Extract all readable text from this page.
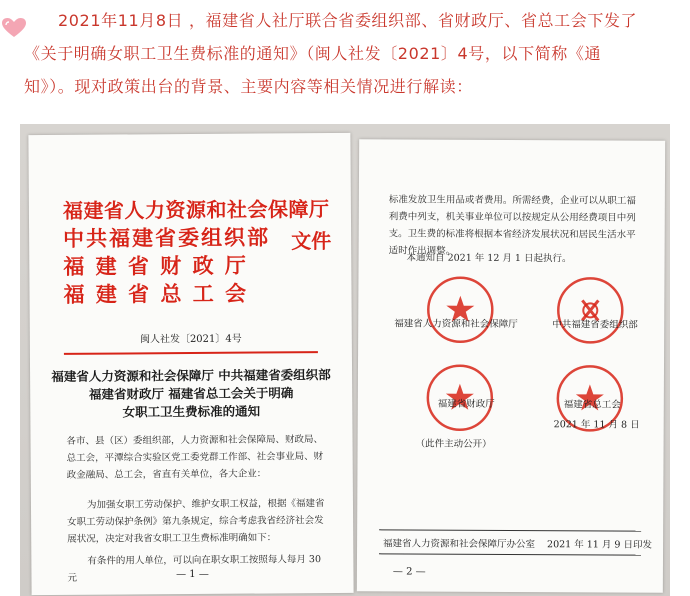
2021年11月8日 ，福建省人社厅联合省委组织部、省财政厅、省总工会下发了
《关于明确女职工卫生费标准的通知》（闽人社发〔2021〕4号，以下简称《通
知》）。现对政策出台的背景、主要内容等相关情况进行解读：
福建省人力资源和社会保障厅
中共福建省委组织部
福 建 省 财 政 厅
福 建 省 总 工 会
文件
闽人社发〔2021〕4号
福建省人力资源和社会保障厅 中共福建省委组织部
福建省财政厅 福建省总工会关于明确
女职工卫生费标准的通知
各市、县（区）委组织部，人力资源和社会保障局、财政局、总工会，平潭综合实验区党工委党群工作部、社会事业局、财政金融局、总工会，省直有关单位，各大企业：
为加强女职工劳动保护、维护女职工权益，根据《福建省女职工劳动保护条例》第九条规定，综合考虑我省经济社会发展状况，决定对我省女职工卫生费标准明确如下：
有条件的用人单位，可以向在职女职工按照每人每月 30 元	— 1 —
标准发放卫生用品或者费用。所需经费，企业可以从职工福利费中列支，机关事业单位可以按规定从公用经费项目中列支。卫生费的标准将根据本省经济发展状况和居民生活水平适时作出调整。
本通知自 2021 年 12 月 1 日起执行。
福建省人力资源和社会保障厅	中共福建省委组织部
福建省财政厅	福建省总工会
2021 年 11 月 8 日
（此件主动公开）
福建省人力资源和社会保障厅办公室 2021 年 11 月 9 日印发
— 2 —
